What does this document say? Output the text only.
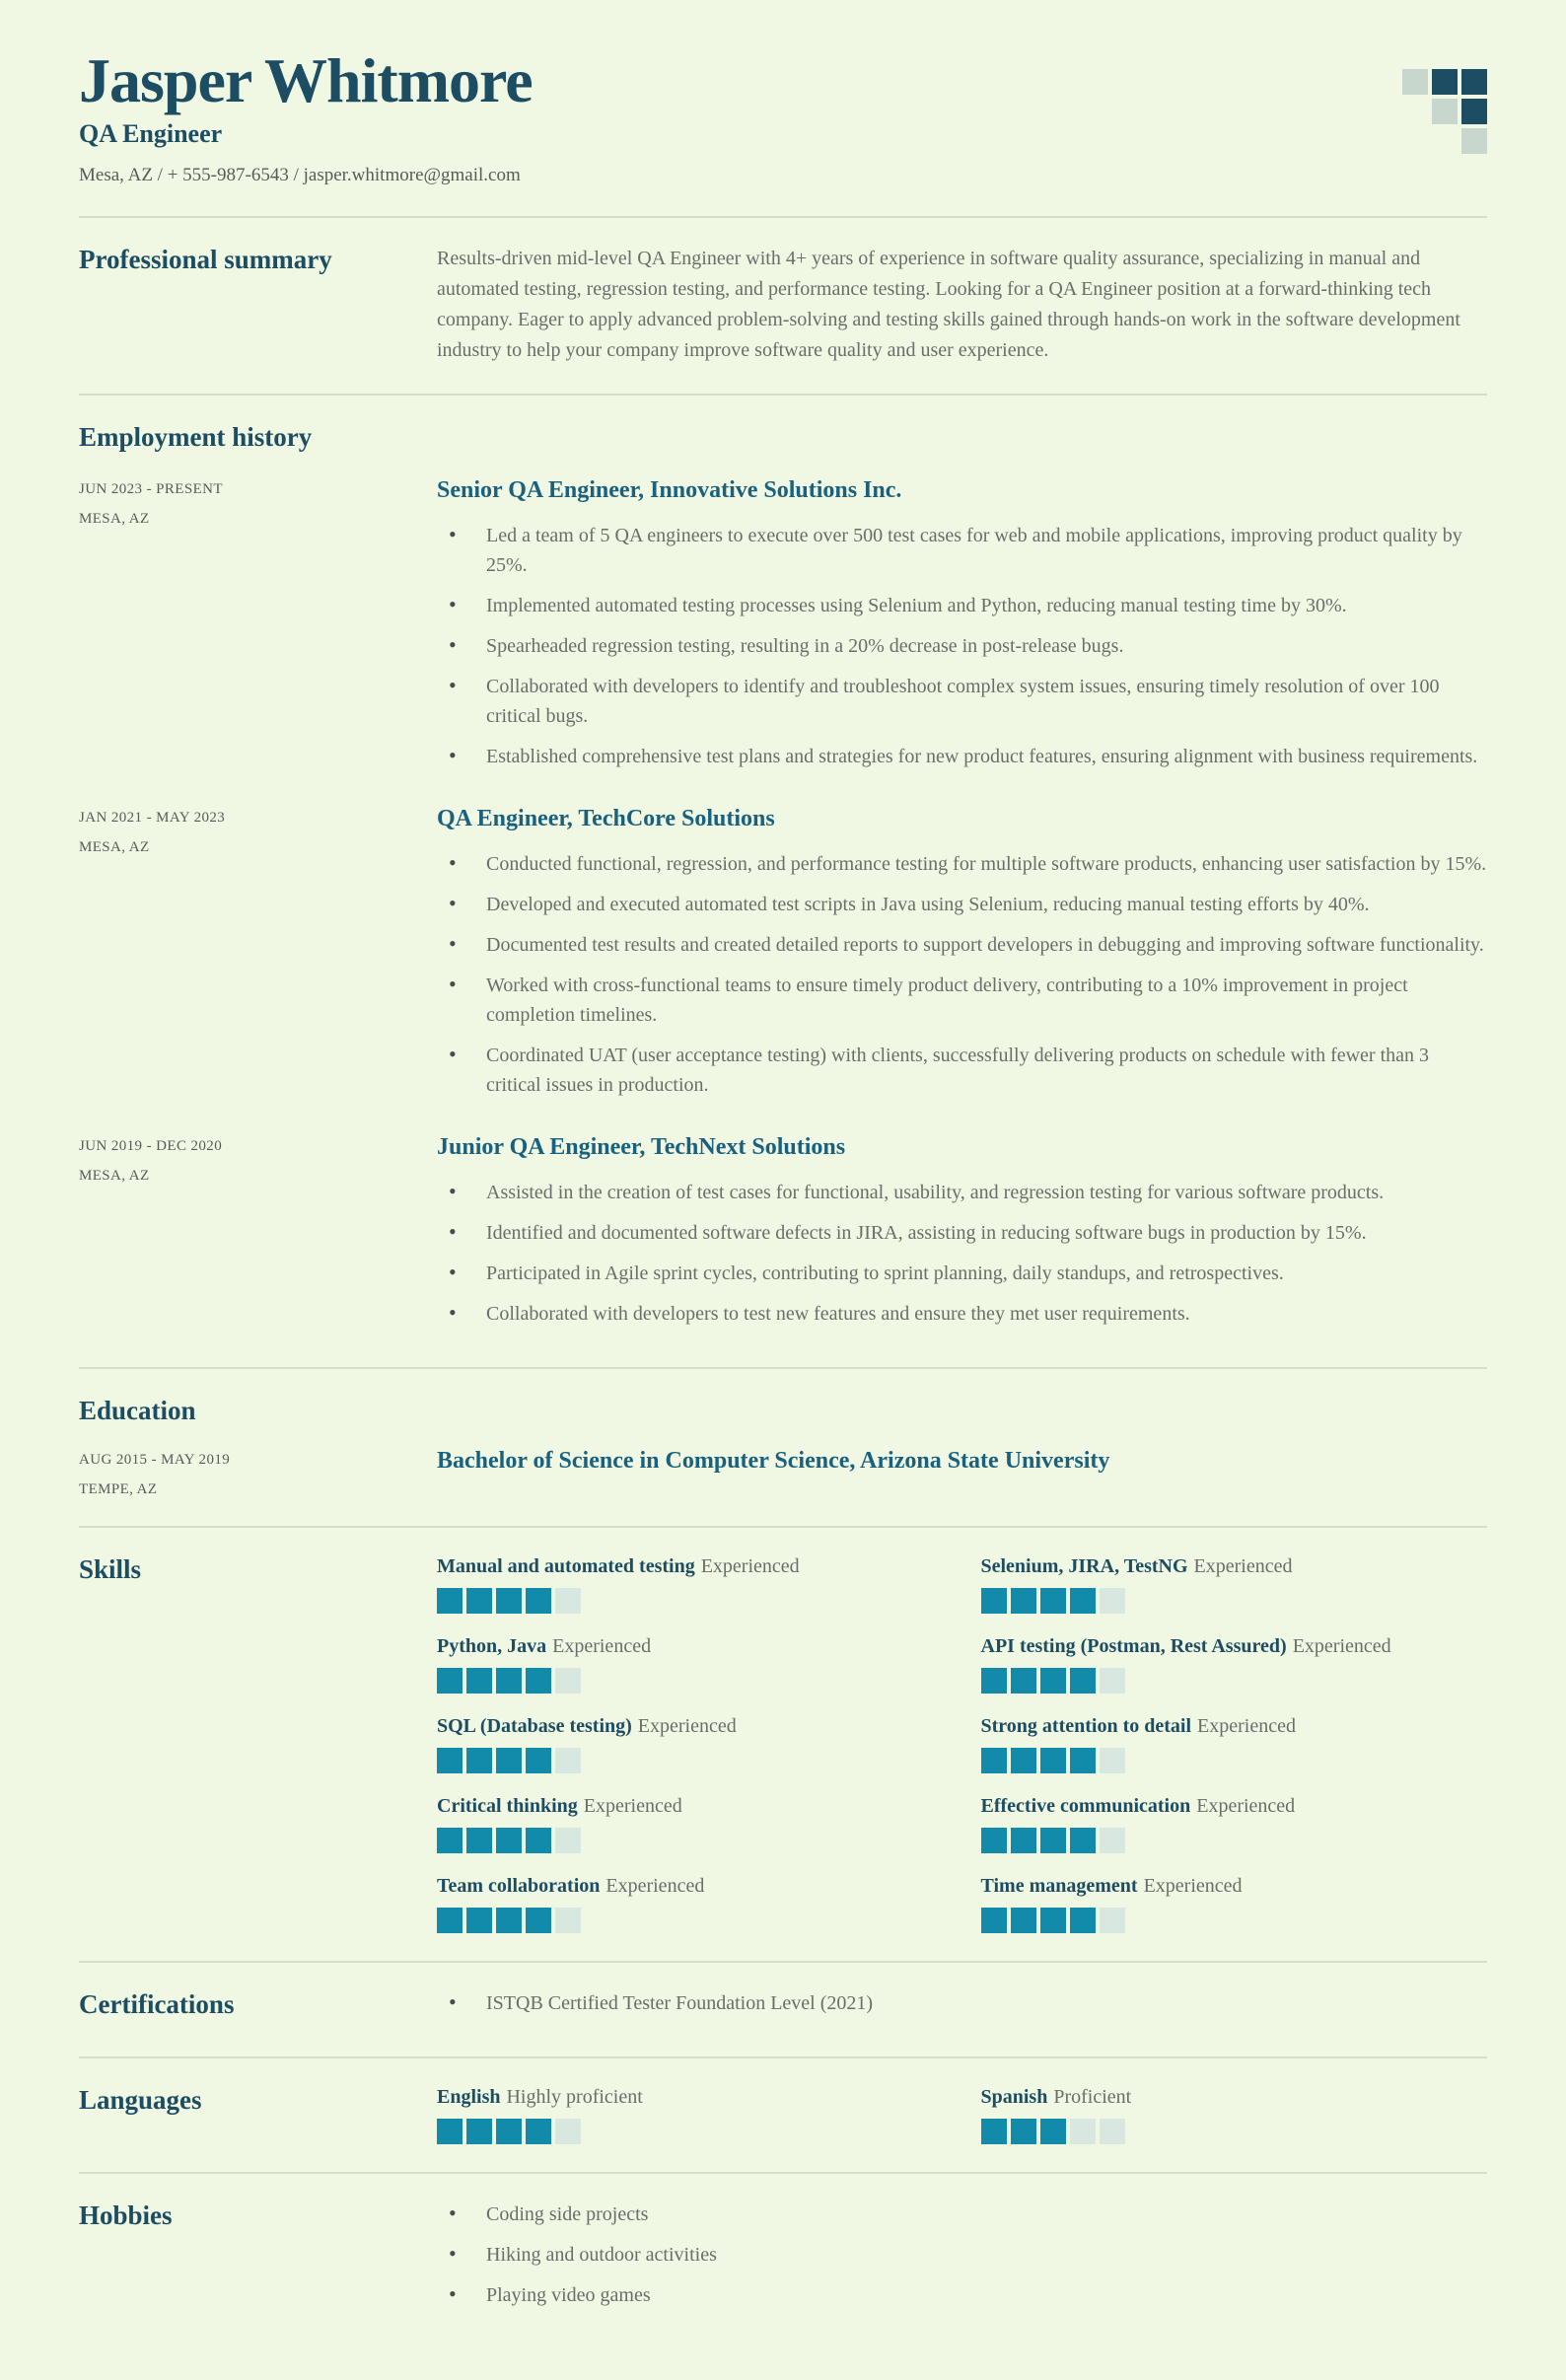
Jasper Whitmore
QA Engineer
Mesa, AZ / + 555-987-6543 / jasper.whitmore@gmail.com
Professional summary	Results-driven mid-level QA Engineer with 4+ years of experience in software quality assurance, specializing in manual and automated testing, regression testing, and performance testing. Looking for a QA Engineer position at a forward-thinking tech company. Eager to apply advanced problem-solving and testing skills gained through hands-on work in the software development industry to help your company improve software quality and user experience.

Employment history
JUN 2023 - PRESENT
MESA, AZ
Senior QA Engineer, Innovative Solutions Inc.
• Led a team of 5 QA engineers to execute over 500 test cases for web and mobile applications, improving product quality by 25%.
• Implemented automated testing processes using Selenium and Python, reducing manual testing time by 30%.
• Spearheaded regression testing, resulting in a 20% decrease in post-release bugs.
• Collaborated with developers to identify and troubleshoot complex system issues, ensuring timely resolution of over 100 critical bugs.
• Established comprehensive test plans and strategies for new product features, ensuring alignment with business requirements.
JAN 2021 - MAY 2023
MESA, AZ
QA Engineer, TechCore Solutions
• Conducted functional, regression, and performance testing for multiple software products, enhancing user satisfaction by 15%.
• Developed and executed automated test scripts in Java using Selenium, reducing manual testing efforts by 40%.
• Documented test results and created detailed reports to support developers in debugging and improving software functionality.
• Worked with cross-functional teams to ensure timely product delivery, contributing to a 10% improvement in project completion timelines.
• Coordinated UAT (user acceptance testing) with clients, successfully delivering products on schedule with fewer than 3 critical issues in production.
JUN 2019 - DEC 2020
MESA, AZ
Junior QA Engineer, TechNext Solutions
• Assisted in the creation of test cases for functional, usability, and regression testing for various software products.
• Identified and documented software defects in JIRA, assisting in reducing software bugs in production by 15%.
• Participated in Agile sprint cycles, contributing to sprint planning, daily standups, and retrospectives.
• Collaborated with developers to test new features and ensure they met user requirements.
Education
AUG 2015 - MAY 2019
TEMPE, AZ
Bachelor of Science in Computer Science, Arizona State University
Skills	Manual and automated testing Experienced	Selenium, JIRA, TestNG Experienced
Python, Java Experienced	API testing (Postman, Rest Assured) Experienced
SQL (Database testing) Experienced	Strong attention to detail Experienced
Critical thinking Experienced	Effective communication Experienced
Team collaboration Experienced	Time management Experienced
Certifications	• ISTQB Certified Tester Foundation Level (2021)
Languages	English Highly proficient	Spanish Proficient
Hobbies	• Coding side projects
• Hiking and outdoor activities
• Playing video games
